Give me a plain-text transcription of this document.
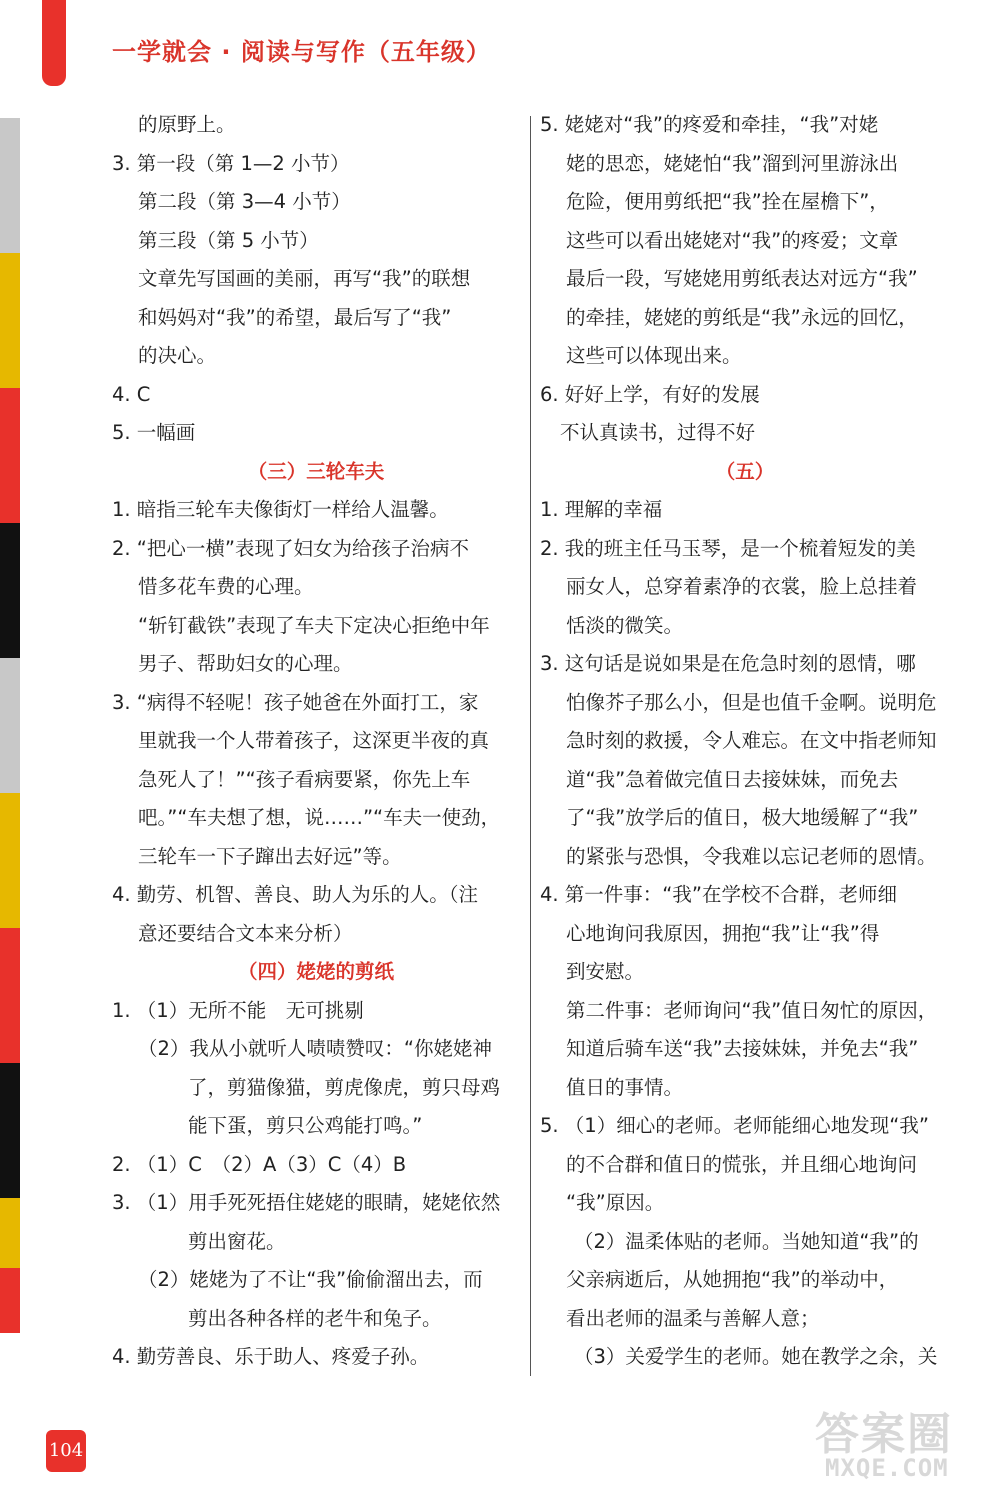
一学就会 · 阅读与写作（五年级）
的原野上。
3. 第一段（第 1—2 小节）
第二段（第 3—4 小节）
第三段（第 5 小节）
文章先写国画的美丽，再写“我”的联想
和妈妈对“我”的希望，最后写了“我”
的决心。
4. C
5. 一幅画
（三）三轮车夫
1. 暗指三轮车夫像街灯一样给人温馨。
2. “把心一横”表现了妇女为给孩子治病不
惜多花车费的心理。
“斩钉截铁”表现了车夫下定决心拒绝中年
男子、帮助妇女的心理。
3. “病得不轻呢！孩子她爸在外面打工，家
里就我一个人带着孩子，这深更半夜的真
急死人了！”“孩子看病要紧，你先上车
吧。”“车夫想了想，说……”“车夫一使劲，
三轮车一下子蹿出去好远”等。
4. 勤劳、机智、善良、助人为乐的人。（注
意还要结合文本来分析）
（四）姥姥的剪纸
1. （1）无所不能　无可挑剔
（2）我从小就听人啧啧赞叹：“你姥姥神
了，剪猫像猫，剪虎像虎，剪只母鸡
能下蛋，剪只公鸡能打鸣。”
2. （1）C　（2）A（3）C（4）B
3. （1）用手死死捂住姥姥的眼睛，姥姥依然
剪出窗花。
（2）姥姥为了不让“我”偷偷溜出去，而
剪出各种各样的老牛和兔子。
4. 勤劳善良、乐于助人、疼爱子孙。
5. 姥姥对“我”的疼爱和牵挂，“我”对姥
姥的思恋，姥姥怕“我”溜到河里游泳出
危险，便用剪纸把“我”拴在屋檐下”，
这些可以看出姥姥对“我”的疼爱；文章
最后一段，写姥姥用剪纸表达对远方“我”
的牵挂，姥姥的剪纸是“我”永远的回忆，
这些可以体现出来。
6. 好好上学，有好的发展
不认真读书，过得不好
（五）
1. 理解的幸福
2. 我的班主任马玉琴，是一个梳着短发的美
丽女人，总穿着素净的衣裳，脸上总挂着
恬淡的微笑。
3. 这句话是说如果是在危急时刻的恩情，哪
怕像芥子那么小，但是也值千金啊。说明危
急时刻的救援，令人难忘。在文中指老师知
道“我”急着做完值日去接妹妹，而免去
了“我”放学后的值日，极大地缓解了“我”
的紧张与恐惧，令我难以忘记老师的恩情。
4. 第一件事：“我”在学校不合群，老师细
心地询问我原因，拥抱“我”让“我”得
到安慰。
第二件事：老师询问“我”值日匆忙的原因，
知道后骑车送“我”去接妹妹，并免去“我”
值日的事情。
5. （1）细心的老师。老师能细心地发现“我”
的不合群和值日的慌张，并且细心地询问
“我”原因。
（2）温柔体贴的老师。当她知道“我”的
父亲病逝后，从她拥抱“我”的举动中，
看出老师的温柔与善解人意；
（3）关爱学生的老师。她在教学之余，关
104	答案圈
MXQE.COM
